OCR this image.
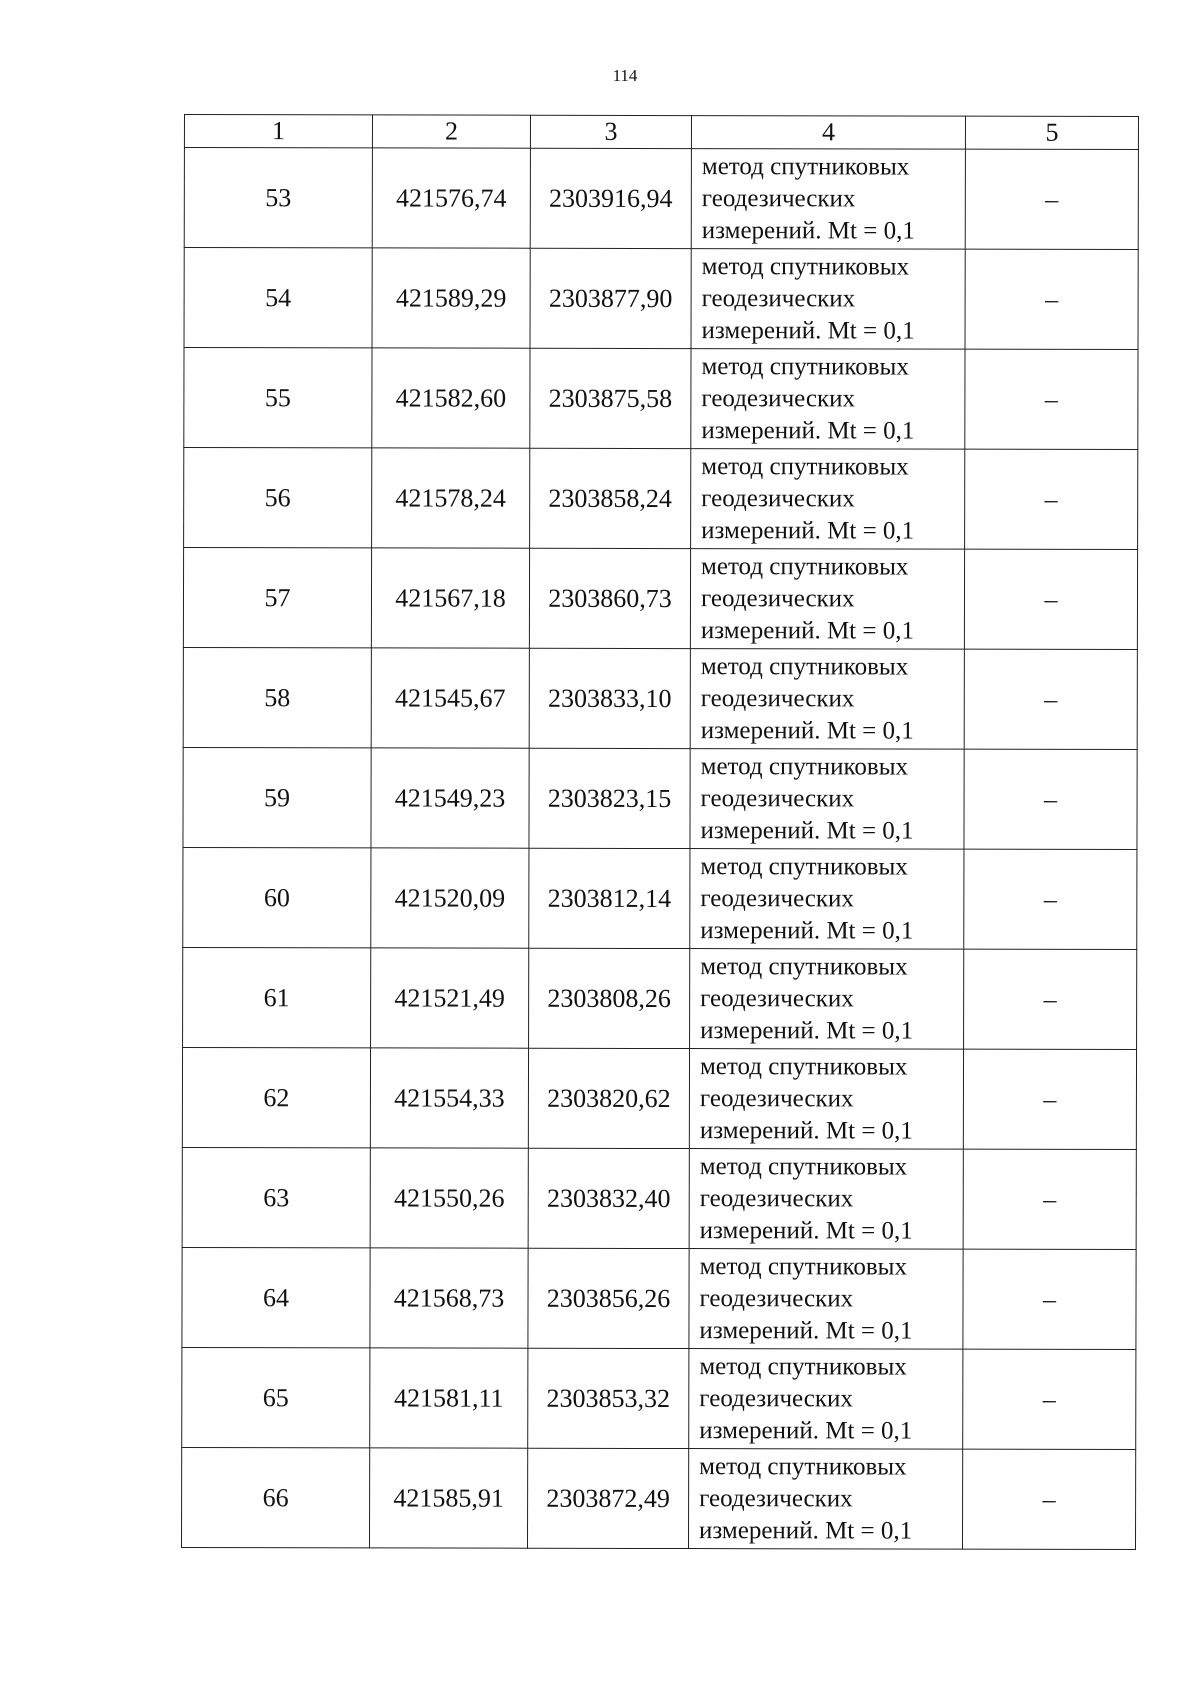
114
1	2	3	4	5
53	421576,74	2303916,94	метод спутниковых
геодезических
измерений. Mt = 0,1	–
54	421589,29	2303877,90	метод спутниковых
геодезических
измерений. Mt = 0,1	–
55	421582,60	2303875,58	метод спутниковых
геодезических
измерений. Mt = 0,1	–
56	421578,24	2303858,24	метод спутниковых
геодезических
измерений. Mt = 0,1	–
57	421567,18	2303860,73	метод спутниковых
геодезических
измерений. Mt = 0,1	–
58	421545,67	2303833,10	метод спутниковых
геодезических
измерений. Mt = 0,1	–
59	421549,23	2303823,15	метод спутниковых
геодезических
измерений. Mt = 0,1	–
60	421520,09	2303812,14	метод спутниковых
геодезических
измерений. Mt = 0,1	–
61	421521,49	2303808,26	метод спутниковых
геодезических
измерений. Mt = 0,1	–
62	421554,33	2303820,62	метод спутниковых
геодезических
измерений. Mt = 0,1	–
63	421550,26	2303832,40	метод спутниковых
геодезических
измерений. Mt = 0,1	–
64	421568,73	2303856,26	метод спутниковых
геодезических
измерений. Mt = 0,1	–
65	421581,11	2303853,32	метод спутниковых
геодезических
измерений. Mt = 0,1	–
66	421585,91	2303872,49	метод спутниковых
геодезических
измерений. Mt = 0,1	–
